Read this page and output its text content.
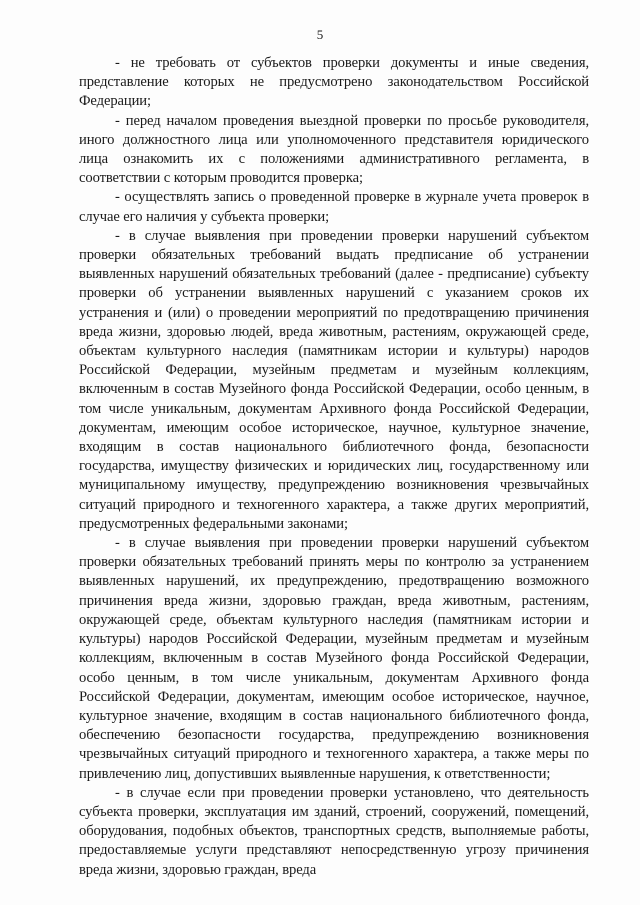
5

- не требовать от субъектов проверки документы и иные сведения, представление которых не предусмотрено законодательством Российской Федерации;

- перед началом проведения выездной проверки по просьбе руководителя, иного должностного лица или уполномоченного представителя юридического лица ознакомить их с положениями административного регламента, в соответствии с которым проводится проверка;

- осуществлять запись о проведенной проверке в журнале учета проверок в случае его наличия у субъекта проверки;

- в случае выявления при проведении проверки нарушений субъектом проверки обязательных требований выдать предписание об устранении выявленных нарушений обязательных требований (далее - предписание) субъекту проверки об устранении выявленных нарушений с указанием сроков их устранения и (или) о проведении мероприятий по предотвращению причинения вреда жизни, здоровью людей, вреда животным, растениям, окружающей среде, объектам культурного наследия (памятникам истории и культуры) народов Российской Федерации, музейным предметам и музейным коллекциям, включенным в состав Музейного фонда Российской Федерации, особо ценным, в том числе уникальным, документам Архивного фонда Российской Федерации, документам, имеющим особое историческое, научное, культурное значение, входящим в состав национального библиотечного фонда, безопасности государства, имуществу физических и юридических лиц, государственному или муниципальному имуществу, предупреждению возникновения чрезвычайных ситуаций природного и техногенного характера, а также других мероприятий, предусмотренных федеральными законами;

- в случае выявления при проведении проверки нарушений субъектом проверки обязательных требований принять меры по контролю за устранением выявленных нарушений, их предупреждению, предотвращению возможного причинения вреда жизни, здоровью граждан, вреда животным, растениям, окружающей среде, объектам культурного наследия (памятникам истории и культуры) народов Российской Федерации, музейным предметам и музейным коллекциям, включенным в состав Музейного фонда Российской Федерации, особо ценным, в том числе уникальным, документам Архивного фонда Российской Федерации, документам, имеющим особое историческое, научное, культурное значение, входящим в состав национального библиотечного фонда, обеспечению безопасности государства, предупреждению возникновения чрезвычайных ситуаций природного и техногенного характера, а также меры по привлечению лиц, допустивших выявленные нарушения, к ответственности;

- в случае если при проведении проверки установлено, что деятельность субъекта проверки, эксплуатация им зданий, строений, сооружений, помещений, оборудования, подобных объектов, транспортных средств, выполняемые работы, предоставляемые услуги представляют непосредственную угрозу причинения вреда жизни, здоровью граждан, вреда
